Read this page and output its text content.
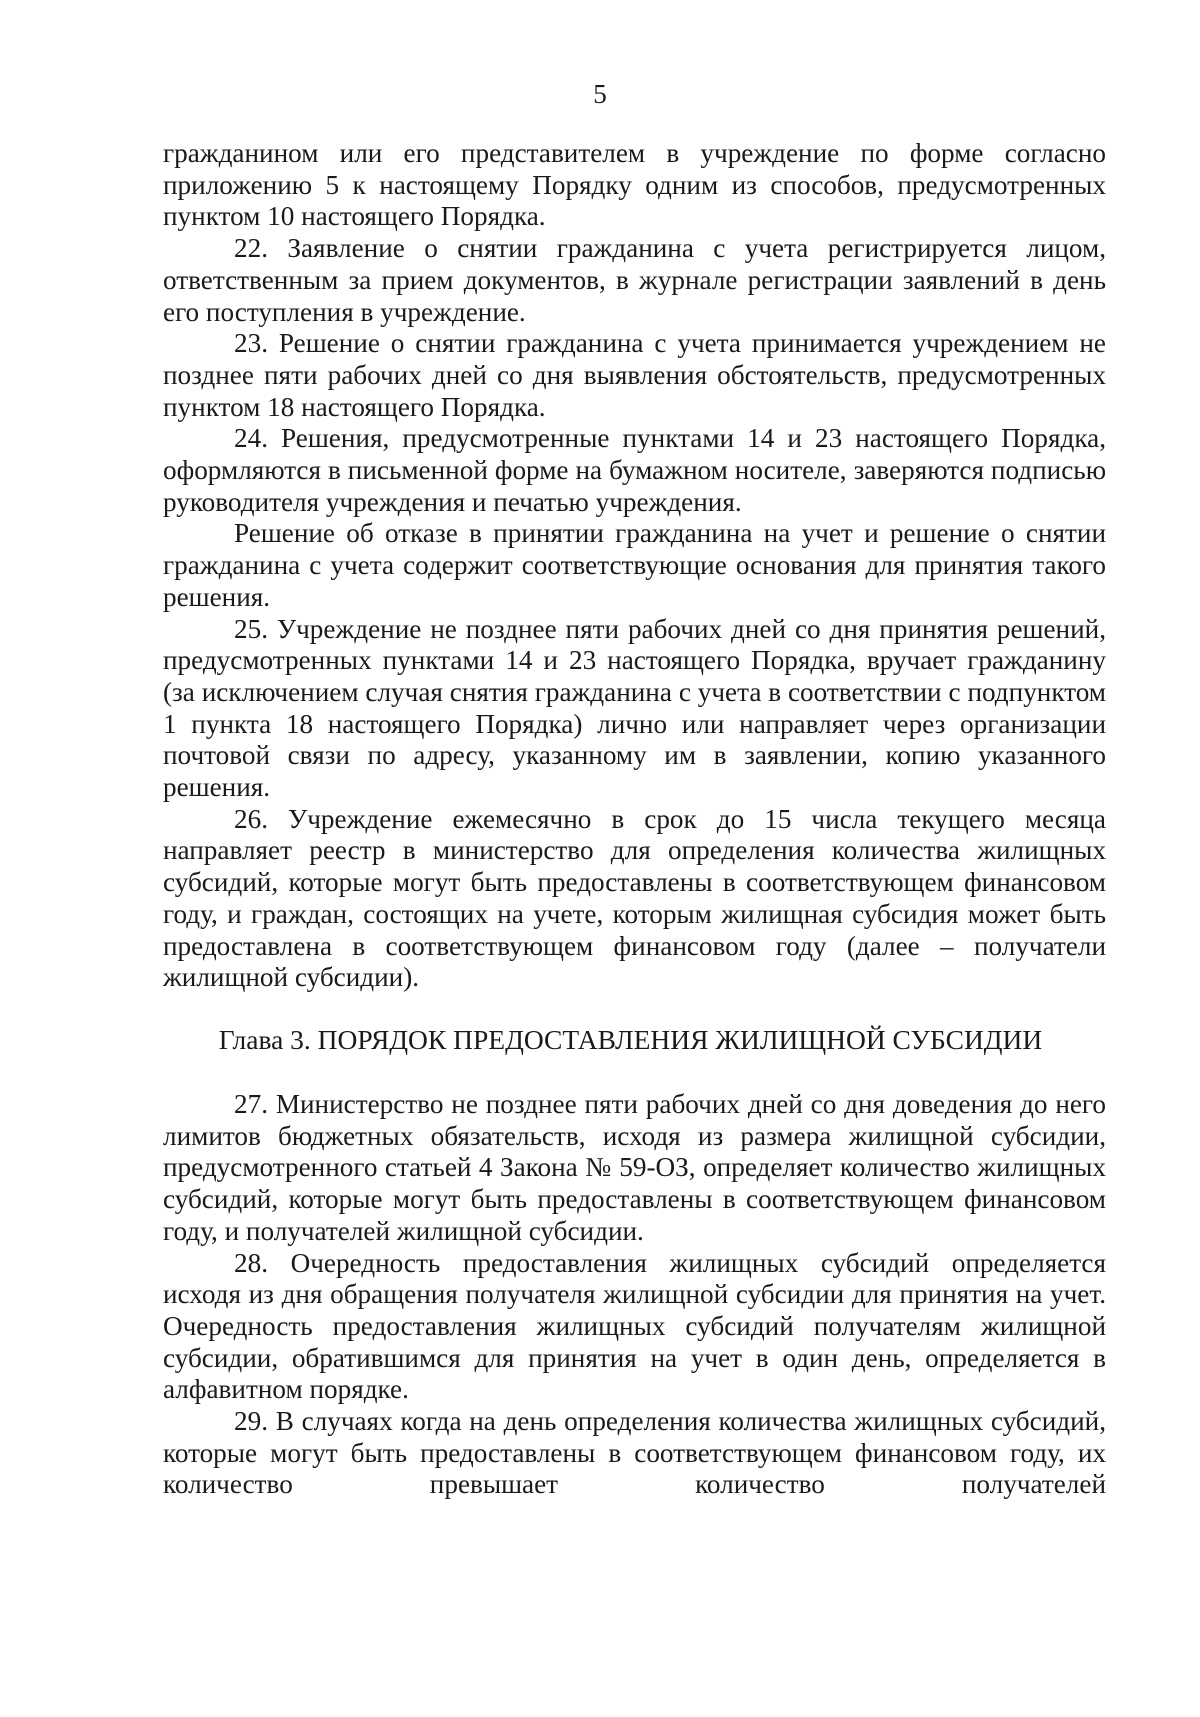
5

гражданином или его представителем в учреждение по форме согласно приложению 5 к настоящему Порядку одним из способов, предусмотренных пунктом 10 настоящего Порядка.

22. Заявление о снятии гражданина с учета регистрируется лицом, ответственным за прием документов, в журнале регистрации заявлений в день его поступления в учреждение.

23. Решение о снятии гражданина с учета принимается учреждением не позднее пяти рабочих дней со дня выявления обстоятельств, предусмотренных пунктом 18 настоящего Порядка.

24. Решения, предусмотренные пунктами 14 и 23 настоящего Порядка, оформляются в письменной форме на бумажном носителе, заверяются подписью руководителя учреждения и печатью учреждения.

Решение об отказе в принятии гражданина на учет и решение о снятии гражданина с учета содержит соответствующие основания для принятия такого решения.

25. Учреждение не позднее пяти рабочих дней со дня принятия решений, предусмотренных пунктами 14 и 23 настоящего Порядка, вручает гражданину (за исключением случая снятия гражданина с учета в соответствии с подпунктом 1 пункта 18 настоящего Порядка) лично или направляет через организации почтовой связи по адресу, указанному им в заявлении, копию указанного решения.

26. Учреждение ежемесячно в срок до 15 числа текущего месяца направляет реестр в министерство для определения количества жилищных субсидий, которые могут быть предоставлены в соответствующем финансовом году, и граждан, состоящих на учете, которым жилищная субсидия может быть предоставлена в соответствующем финансовом году (далее – получатели жилищной субсидии).

Глава 3. ПОРЯДОК ПРЕДОСТАВЛЕНИЯ ЖИЛИЩНОЙ СУБСИДИИ

27. Министерство не позднее пяти рабочих дней со дня доведения до него лимитов бюджетных обязательств, исходя из размера жилищной субсидии, предусмотренного статьей 4 Закона № 59-ОЗ, определяет количество жилищных субсидий, которые могут быть предоставлены в соответствующем финансовом году, и получателей жилищной субсидии.

28. Очередность предоставления жилищных субсидий определяется исходя из дня обращения получателя жилищной субсидии для принятия на учет. Очередность предоставления жилищных субсидий получателям жилищной субсидии, обратившимся для принятия на учет в один день, определяется в алфавитном порядке.

29. В случаях когда на день определения количества жилищных субсидий, которые могут быть предоставлены в соответствующем финансовом году, их количество превышает количество получателей
